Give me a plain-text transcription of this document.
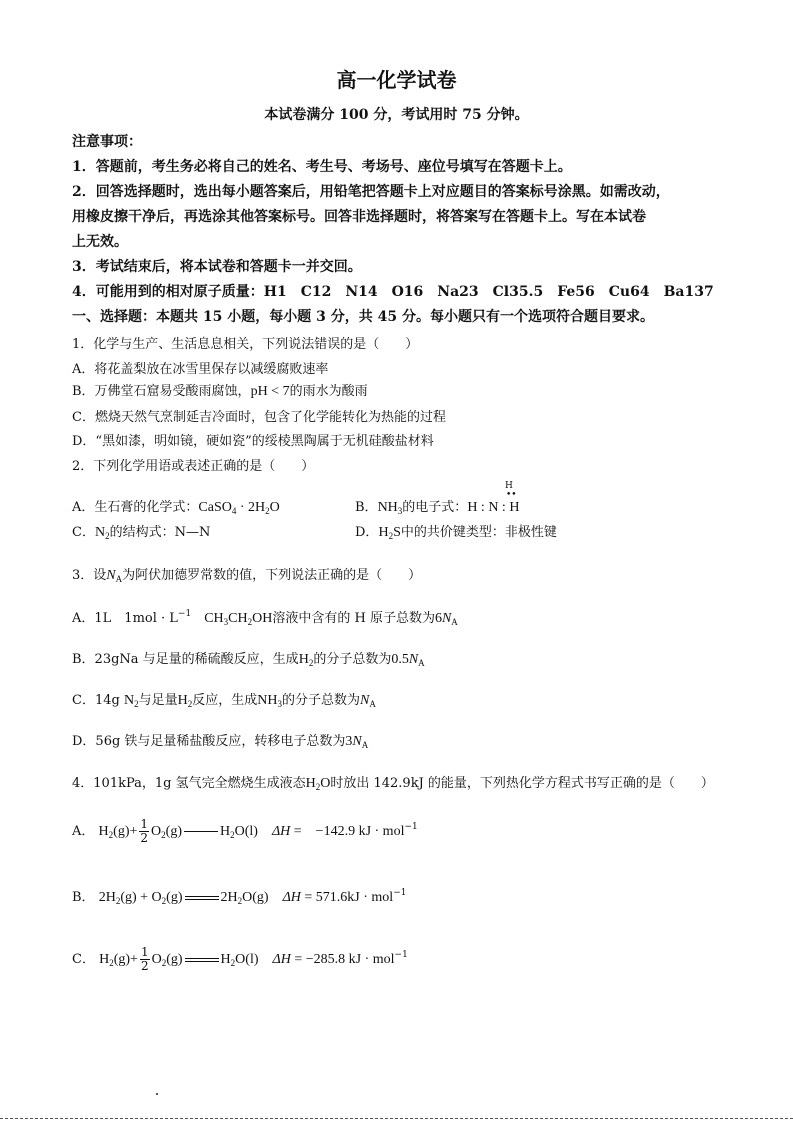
高一化学试卷
本试卷满分 100 分，考试用时 75 分钟。
注意事项：
1．答题前，考生务必将自己的姓名、考生号、考场号、座位号填写在答题卡上。
2．回答选择题时，选出每小题答案后，用铅笔把答题卡上对应题目的答案标号涂黑。如需改动，
用橡皮擦干净后，再选涂其他答案标号。回答非选择题时，将答案写在答题卡上。写在本试卷
上无效。
3．考试结束后，将本试卷和答题卡一并交回。
4．可能用到的相对原子质量：H1　C12　N14　O16　Na23　Cl35.5　Fe56　Cu64　Ba137
一、选择题：本题共 15 小题，每小题 3 分，共 45 分。每小题只有一个选项符合题目要求。
1．化学与生产、生活息息相关，下列说法错误的是（　　）
A．将花盖梨放在冰雪里保存以减缓腐败速率
B．万佛堂石窟易受酸雨腐蚀，pH < 7的雨水为酸雨
C．燃烧天然气烹制延吉冷面时，包含了化学能转化为热能的过程
D．“黑如漆，明如镜，硬如瓷”的绥棱黑陶属于无机硅酸盐材料
2．下列化学用语或表述正确的是（　　）
A．生石膏的化学式：CaSO$_4$ · $2H_2O$	B．$NH_3$的电子式：H : N : H
H
••
C．$N_2$的结构式：N—N	D．$H_2S$中的共价键类型：非极性键
3．设$N_A$为阿伏加德罗常数的值，下列说法正确的是（　　）
A．1L　$1mol \cdot L^{-1}$　 $CH_3CH_2OH$溶液中含有的 H 原子总数为$6N_A$
B．23gNa 与足量的稀硫酸反应，生成$H_2$的分子总数为$0.5N_A$
C．14g $N_2$与足量$H_2$反应，生成$NH_3$的分子总数为$N_A$
D．56g 铁与足量稀盐酸反应，转移电子总数为$3N_A$
4．101kPa，1g 氢气完全燃烧生成液态$H_2O$时放出 142.9kJ 的能量，下列热化学方程式书写正确的是（　　）
A． $H_2(g)+ \frac{1}{2} O_2(g)$	$H_2O(l)$　ΔH =　−142.9 kJ · mol$^{-1}$
B． $2H_2(g) + O_2(g)$	$2H_2O(g)$　ΔH = 571.6kJ · mol$^{-1}$
C． $H_2(g)+ \frac{1}{2} O_2(g)$	$H_2O(l)$　ΔH = −285.8 kJ · mol$^{-1}$
